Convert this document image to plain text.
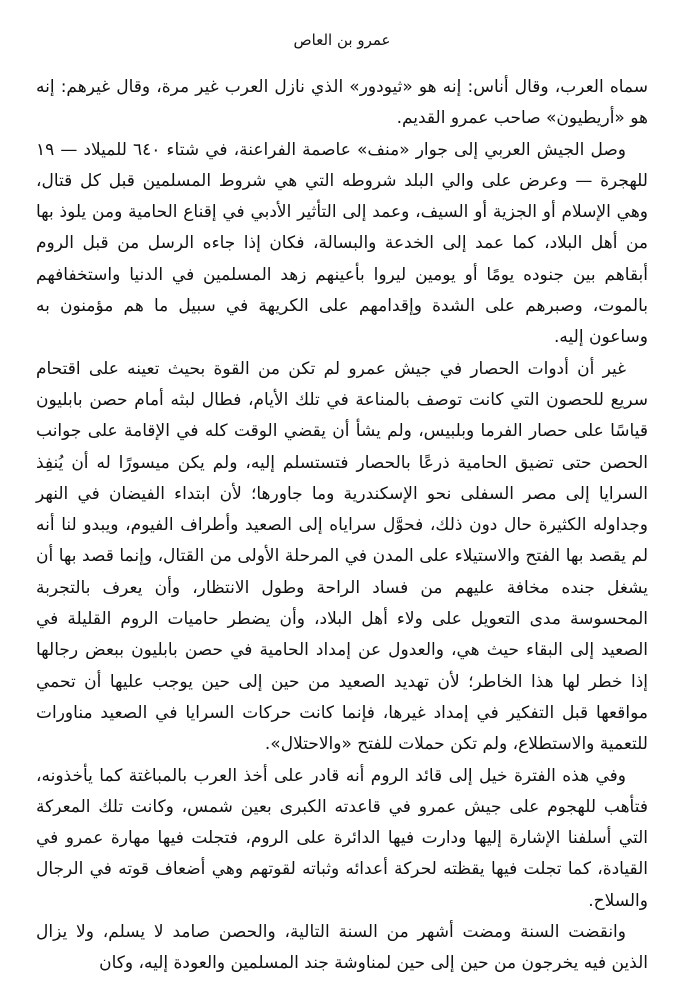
عمرو بن العاص

سماه العرب، وقال أناس: إنه هو «ثيودور» الذي نازل العرب غير مرة، وقال غيرهم: إنه هو «أريطيون» صاحب عمرو القديم.

وصل الجيش العربي إلى جوار «منف» عاصمة الفراعنة، في شتاء ٦٤٠ للميلاد — ١٩ للهجرة — وعرض على والي البلد شروطه التي هي شروط المسلمين قبل كل قتال، وهي الإسلام أو الجزية أو السيف، وعمد إلى التأثير الأدبي في إقناع الحامية ومن يلوذ بها من أهل البلاد، كما عمد إلى الخدعة والبسالة، فكان إذا جاءه الرسل من قبل الروم أبقاهم بين جنوده يومًا أو يومين ليروا بأعينهم زهد المسلمين في الدنيا واستخفافهم بالموت، وصبرهم على الشدة وإقدامهم على الكريهة في سبيل ما هم مؤمنون به وساعون إليه.

غير أن أدوات الحصار في جيش عمرو لم تكن من القوة بحيث تعينه على اقتحام سريع للحصون التي كانت توصف بالمناعة في تلك الأيام، فطال لبثه أمام حصن بابليون قياسًا على حصار الفرما وبلبيس، ولم يشأ أن يقضي الوقت كله في الإقامة على جوانب الحصن حتى تضيق الحامية ذرعًا بالحصار فتستسلم إليه، ولم يكن ميسورًا له أن يُنفِذ السرايا إلى مصر السفلى نحو الإسكندرية وما جاورها؛ لأن ابتداء الفيضان في النهر وجداوله الكثيرة حال دون ذلك، فحوَّل سراياه إلى الصعيد وأطراف الفيوم، ويبدو لنا أنه لم يقصد بها الفتح والاستيلاء على المدن في المرحلة الأولى من القتال، وإنما قصد بها أن يشغل جنده مخافة عليهم من فساد الراحة وطول الانتظار، وأن يعرف بالتجربة المحسوسة مدى التعويل على ولاء أهل البلاد، وأن يضطر حاميات الروم القليلة في الصعيد إلى البقاء حيث هي، والعدول عن إمداد الحامية في حصن بابليون ببعض رجالها إذا خطر لها هذا الخاطر؛ لأن تهديد الصعيد من حين إلى حين يوجب عليها أن تحمي مواقعها قبل التفكير في إمداد غيرها، فإنما كانت حركات السرايا في الصعيد مناورات للتعمية والاستطلاع، ولم تكن حملات للفتح «والاحتلال».

وفي هذه الفترة خيل إلى قائد الروم أنه قادر على أخذ العرب بالمباغتة كما يأخذونه، فتأهب للهجوم على جيش عمرو في قاعدته الكبرى بعين شمس، وكانت تلك المعركة التي أسلفنا الإشارة إليها ودارت فيها الدائرة على الروم، فتجلت فيها مهارة عمرو في القيادة، كما تجلت فيها يقظته لحركة أعدائه وثباته لقوتهم وهي أضعاف قوته في الرجال والسلاح.

وانقضت السنة ومضت أشهر من السنة التالية، والحصن صامد لا يسلم، ولا يزال الذين فيه يخرجون من حين إلى حين لمناوشة جند المسلمين والعودة إليه، وكان
